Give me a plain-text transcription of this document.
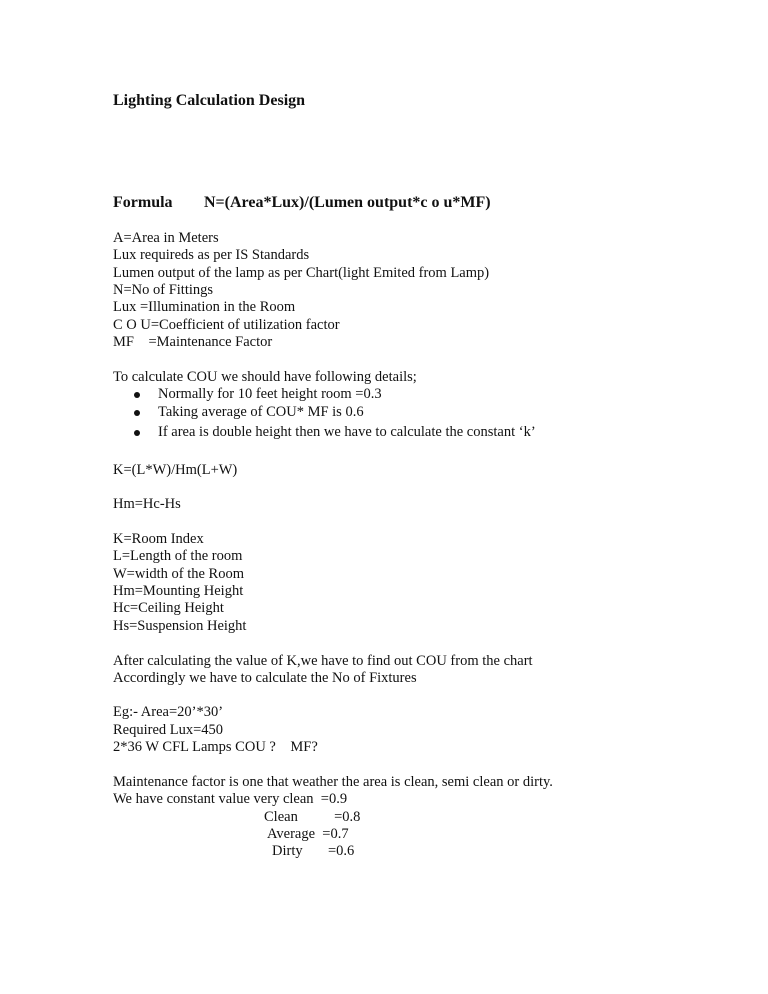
Lighting Calculation Design
Formula N=(Area*Lux)/(Lumen output*c o u*MF)
A=Area in Meters
Lux requireds as per IS Standards
Lumen output of the lamp as per Chart(light Emited from Lamp)
N=No of Fittings
Lux =Illumination in the Room
C O U=Coefficient of utilization factor
MF    =Maintenance Factor
To calculate COU we should have following details;
Normally for 10 feet height room =0.3
Taking average of COU* MF is 0.6
If area is double height then we have to calculate the constant ‘k’
K=(L*W)/Hm(L+W)
Hm=Hc-Hs
K=Room Index
L=Length of the room
W=width of the Room
Hm=Mounting Height
Hc=Ceiling Height
Hs=Suspension Height
After calculating the value of K,we have to find out COU from the chart
Accordingly we have to calculate the No of Fixtures
Eg:- Area=20’*30’
Required Lux=450
2*36 W CFL Lamps COU ?    MF?
Maintenance factor is one that weather the area is clean, semi clean or dirty.
We have constant value very clean  =0.9
Clean          =0.8
Average  =0.7
Dirty       =0.6
